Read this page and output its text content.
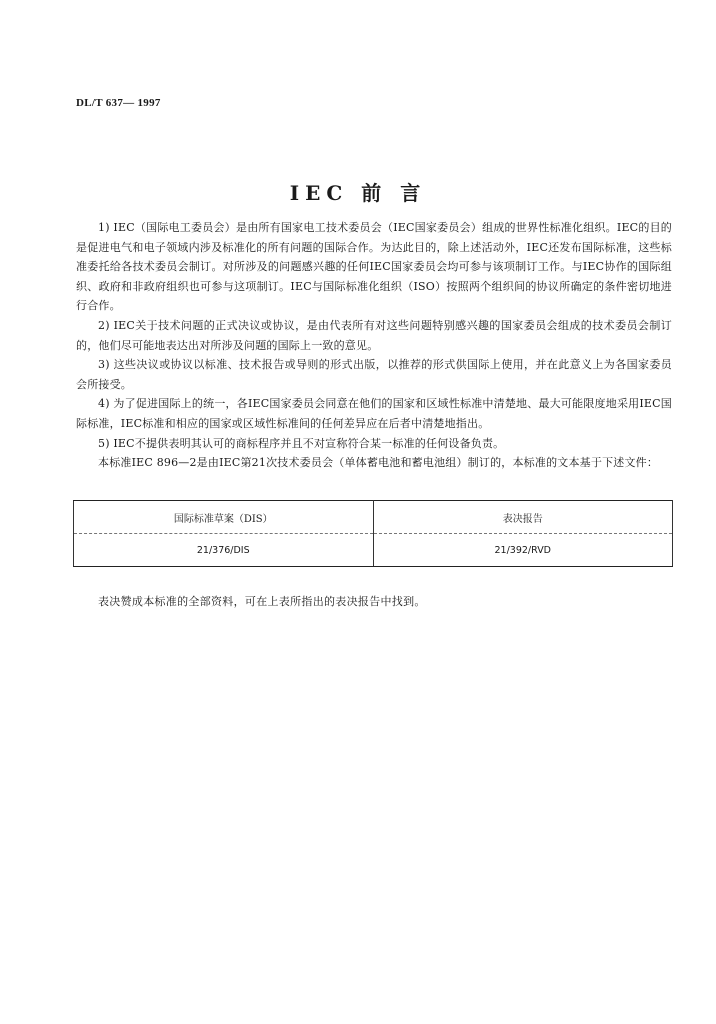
DL/T 637— 1997
IEC 前 言

1) IEC（国际电工委员会）是由所有国家电工技术委员会（IEC国家委员会）组成的世界性标准化组织。IEC的目的是促进电气和电子领域内涉及标准化的所有问题的国际合作。为达此目的，除上述活动外，IEC还发布国际标准，这些标准委托给各技术委员会制订。对所涉及的问题感兴趣的任何IEC国家委员会均可参与该项制订工作。与IEC协作的国际组织、政府和非政府组织也可参与这项制订。IEC与国际标准化组织（ISO）按照两个组织间的协议所确定的条件密切地进行合作。

2) IEC关于技术问题的正式决议或协议，是由代表所有对这些问题特别感兴趣的国家委员会组成的技术委员会制订的，他们尽可能地表达出对所涉及问题的国际上一致的意见。

3) 这些决议或协议以标准、技术报告或导则的形式出版，以推荐的形式供国际上使用，并在此意义上为各国家委员会所接受。

4) 为了促进国际上的统一，各IEC国家委员会同意在他们的国家和区域性标准中清楚地、最大可能限度地采用IEC国际标准，IEC标准和相应的国家或区域性标准间的任何差异应在后者中清楚地指出。

5) IEC不提供表明其认可的商标程序并且不对宣称符合某一标准的任何设备负责。

本标准IEC 896—2是由IEC第21次技术委员会（单体蓄电池和蓄电池组）制订的，本标准的文本基于下述文件：

国际标准草案（DIS）	表决报告
21/376/DIS	21/392/RVD
表决赞成本标准的全部资料，可在上表所指出的表决报告中找到。
